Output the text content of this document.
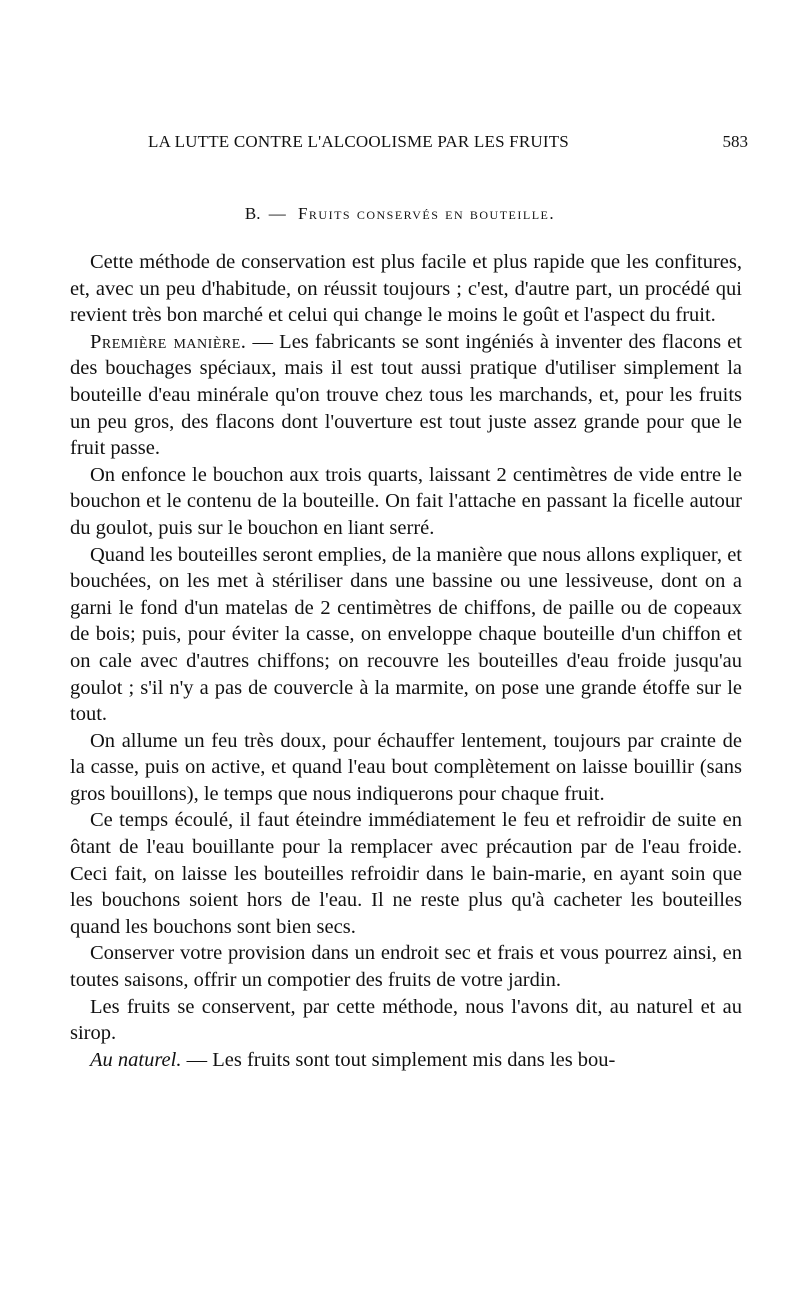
LA LUTTE CONTRE L'ALCOOLISME PAR LES FRUITS	583
B. — Fruits conservés en bouteille.

Cette méthode de conservation est plus facile et plus rapide que les confitures, et, avec un peu d'habitude, on réussit toujours ; c'est, d'autre part, un procédé qui revient très bon marché et celui qui change le moins le goût et l'aspect du fruit.

Première manière. — Les fabricants se sont ingéniés à inventer des flacons et des bouchages spéciaux, mais il est tout aussi pratique d'utiliser simplement la bouteille d'eau minérale qu'on trouve chez tous les marchands, et, pour les fruits un peu gros, des flacons dont l'ouverture est tout juste assez grande pour que le fruit passe.

On enfonce le bouchon aux trois quarts, laissant 2 centimètres de vide entre le bouchon et le contenu de la bouteille. On fait l'attache en passant la ficelle autour du goulot, puis sur le bouchon en liant serré.

Quand les bouteilles seront emplies, de la manière que nous allons expliquer, et bouchées, on les met à stériliser dans une bassine ou une lessiveuse, dont on a garni le fond d'un matelas de 2 centimètres de chiffons, de paille ou de copeaux de bois; puis, pour éviter la casse, on enveloppe chaque bouteille d'un chiffon et on cale avec d'autres chiffons; on recouvre les bouteilles d'eau froide jusqu'au goulot ; s'il n'y a pas de couvercle à la marmite, on pose une grande étoffe sur le tout.

On allume un feu très doux, pour échauffer lentement, toujours par crainte de la casse, puis on active, et quand l'eau bout complètement on laisse bouillir (sans gros bouillons), le temps que nous indiquerons pour chaque fruit.

Ce temps écoulé, il faut éteindre immédiatement le feu et refroidir de suite en ôtant de l'eau bouillante pour la remplacer avec précaution par de l'eau froide. Ceci fait, on laisse les bouteilles refroidir dans le bain-marie, en ayant soin que les bouchons soient hors de l'eau. Il ne reste plus qu'à cacheter les bouteilles quand les bouchons sont bien secs.

Conserver votre provision dans un endroit sec et frais et vous pourrez ainsi, en toutes saisons, offrir un compotier des fruits de votre jardin.

Les fruits se conservent, par cette méthode, nous l'avons dit, au naturel et au sirop.

Au naturel. — Les fruits sont tout simplement mis dans les bou-
